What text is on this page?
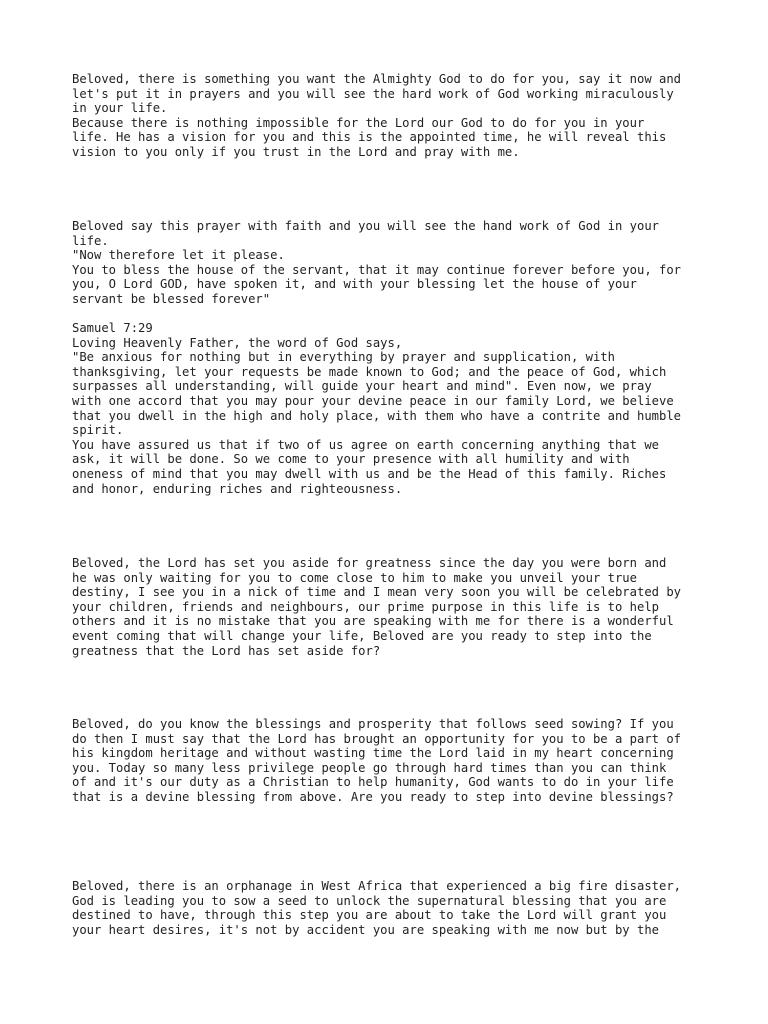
Beloved, there is something you want the Almighty God to do for you, say it now and
let's put it in prayers and you will see the hard work of God working miraculously
in your life.
Because there is nothing impossible for the Lord our God to do for you in your
life. He has a vision for you and this is the appointed time, he will reveal this
vision to you only if you trust in the Lord and pray with me.

Beloved say this prayer with faith and you will see the hand work of God in your
life.
"Now therefore let it please.
You to bless the house of the servant, that it may continue forever before you, for
you, O Lord GOD, have spoken it, and with your blessing let the house of your
servant be blessed forever"

Samuel 7:29
Loving Heavenly Father, the word of God says,
"Be anxious for nothing but in everything by prayer and supplication, with
thanksgiving, let your requests be made known to God; and the peace of God, which
surpasses all understanding, will guide your heart and mind". Even now, we pray
with one accord that you may pour your devine peace in our family Lord, we believe
that you dwell in the high and holy place, with them who have a contrite and humble
spirit.
You have assured us that if two of us agree on earth concerning anything that we
ask, it will be done. So we come to your presence with all humility and with
oneness of mind that you may dwell with us and be the Head of this family. Riches
and honor, enduring riches and righteousness.

Beloved, the Lord has set you aside for greatness since the day you were born and
he was only waiting for you to come close to him to make you unveil your true
destiny, I see you in a nick of time and I mean very soon you will be celebrated by
your children, friends and neighbours, our prime purpose in this life is to help
others and it is no mistake that you are speaking with me for there is a wonderful
event coming that will change your life, Beloved are you ready to step into the
greatness that the Lord has set aside for?

Beloved, do you know the blessings and prosperity that follows seed sowing? If you
do then I must say that the Lord has brought an opportunity for you to be a part of
his kingdom heritage and without wasting time the Lord laid in my heart concerning
you. Today so many less privilege people go through hard times than you can think
of and it's our duty as a Christian to help humanity, God wants to do in your life
that is a devine blessing from above. Are you ready to step into devine blessings?

Beloved, there is an orphanage in West Africa that experienced a big fire disaster,
God is leading you to sow a seed to unlock the supernatural blessing that you are
destined to have, through this step you are about to take the Lord will grant you
your heart desires, it's not by accident you are speaking with me now but by the
